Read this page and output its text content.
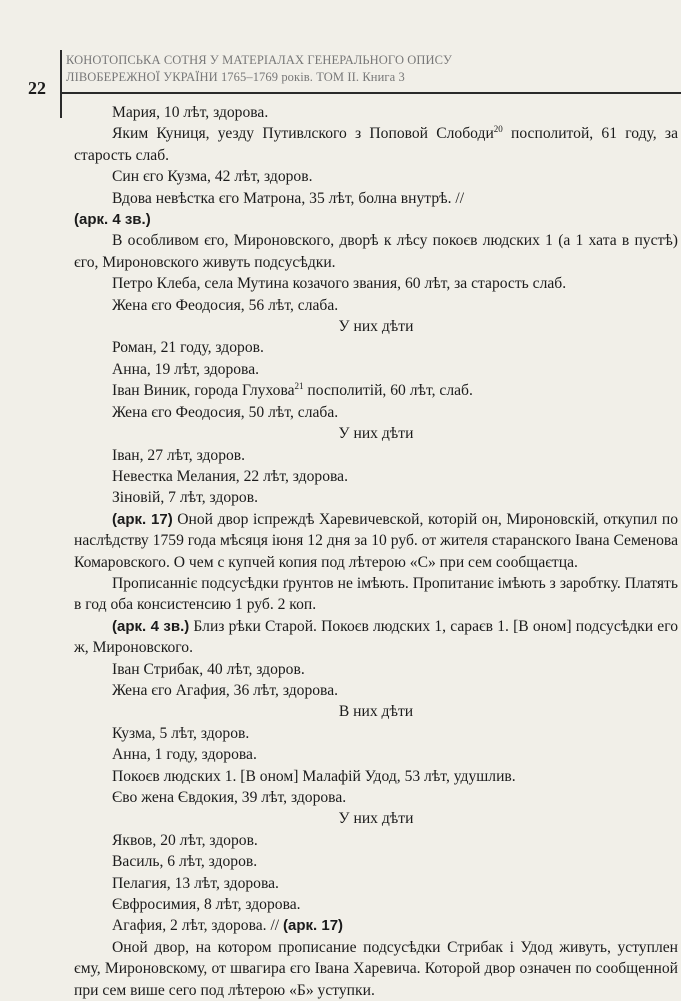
22
КОНОТОПСЬКА СОТНЯ У МАТЕРІАЛАХ ГЕНЕРАЛЬНОГО ОПИСУ
ЛІВОБЕРЕЖНОЇ УКРАЇНИ 1765–1769 років. ТОМ ІІ. Книга 3

Мария, 10 лѣт, здорова.

Яким Куниця, уезду Путивлского з Поповой Слободи$^{20}$ посполитой, 61 году, за старость слаб.

Син єго Кузма, 42 лѣт, здоров.

Вдова невѣстка єго Матрона, 35 лѣт, болна внутрѣ. //

(арк. 4 зв.)

В особливом єго, Мироновского, дворѣ к лѣсу покоєв людских 1 (а 1 хата в пустѣ) єго, Мироновского живуть подсусѣдки.

Петро Клеба, села Мутина козачого звания, 60 лѣт, за старость слаб.

Жена єго Феодосия, 56 лѣт, слаба.

У них дѣти

Роман, 21 году, здоров.

Анна, 19 лѣт, здорова.

Іван Виник, города Глухова$^{21}$ посполитій, 60 лѣт, слаб.

Жена єго Феодосия, 50 лѣт, слаба.

У них дѣти

Іван, 27 лѣт, здоров.

Невестка Мелания, 22 лѣт, здорова.

Зіновій, 7 лѣт, здоров.

(арк. 17) Оной двор іспреждѣ Харевичевской, которій он, Мироновскій, откупил по наслѣдству 1759 года мѣсяця іюня 12 дня за 10 руб. от жителя старанского Івана Семенова Комаровского. О чем с купчей копия под лѣтерою «С» при сем сообщаєтца.

Прописаннiє подсусѣдки ґрунтов не імѣють. Пропитаниє імѣють з заробтку. Платять в год оба консистенсию 1 руб. 2 коп.

(арк. 4 зв.) Близ рѣки Старой. Покоєв людских 1, сараєв 1. [В оном] подсусѣдки его ж, Мироновского.

Іван Стрибак, 40 лѣт, здоров.

Жена єго Агафия, 36 лѣт, здорова.

В них дѣти

Кузма, 5 лѣт, здоров.

Анна, 1 году, здорова.

Покоєв людских 1. [В оном] Малафій Удод, 53 лѣт, удушлив.

Єво жена Євдокия, 39 лѣт, здорова.

У них дѣти

Яквов, 20 лѣт, здоров.

Василь, 6 лѣт, здоров.

Пелагия, 13 лѣт, здорова.

Євфросимия, 8 лѣт, здорова.

Агафия, 2 лѣт, здорова. // (арк. 17)

Оной двор, на котором прописание подсусѣдки Стрибак і Удод живуть, уступлен єму, Мироновскому, от швагира єго Івана Харевича. Которой двор означен по сообщенной при сем више сего под лѣтерою «Б» уступки.
